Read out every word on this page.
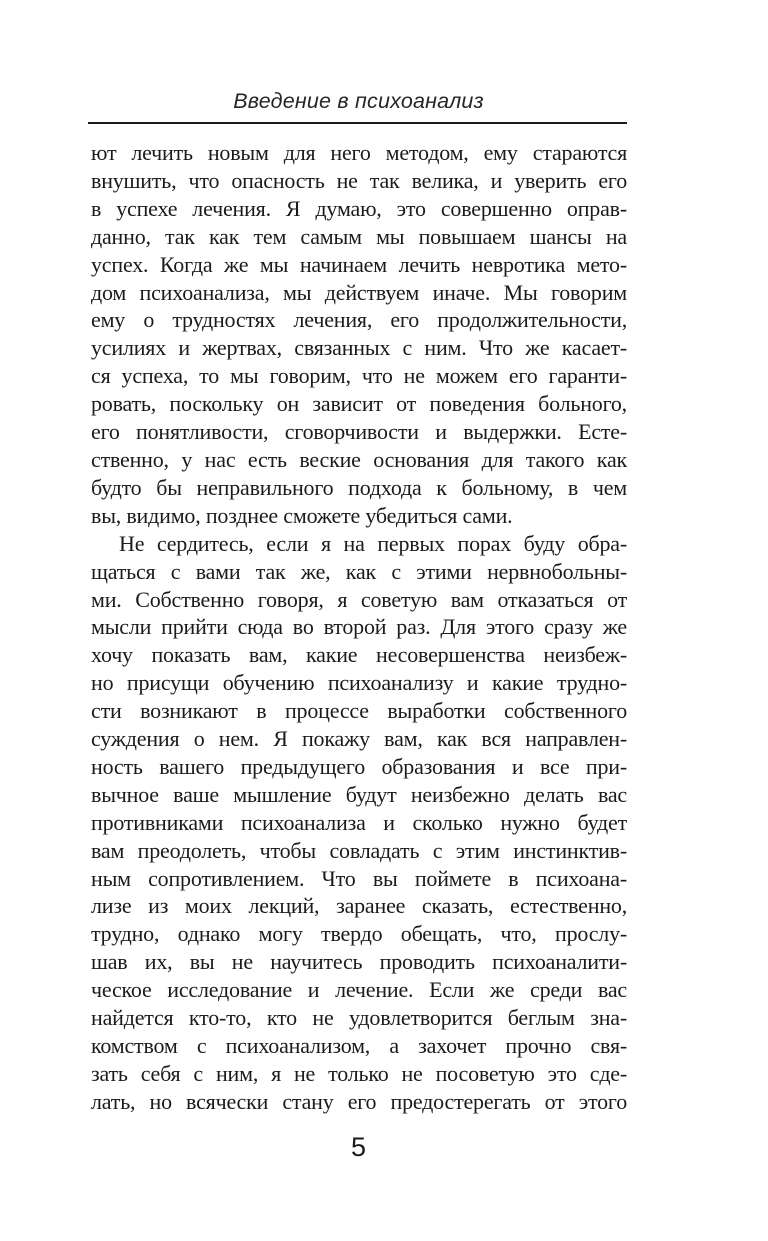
Введение в психоанализ
ют лечить новым для него методом, ему стараются
внушить, что опасность не так велика, и уверить его
в успехе лечения. Я думаю, это совершенно оправ-
данно, так как тем самым мы повышаем шансы на
успех. Когда же мы начинаем лечить невротика мето-
дом психоанализа, мы действуем иначе. Мы говорим
ему о трудностях лечения, его продолжительности,
усилиях и жертвах, связанных с ним. Что же касает-
ся успеха, то мы говорим, что не можем его гаранти-
ровать, поскольку он зависит от поведения больного,
его понятливости, сговорчивости и выдержки. Есте-
ственно, у нас есть веские основания для такого как
будто бы неправильного подхода к больному, в чем
вы, видимо, позднее сможете убедиться сами.
Не сердитесь, если я на первых порах буду обра-
щаться с вами так же, как с этими нервнобольны-
ми. Собственно говоря, я советую вам отказаться от
мысли прийти сюда во второй раз. Для этого сразу же
хочу показать вам, какие несовершенства неизбеж-
но присущи обучению психоанализу и какие трудно-
сти возникают в процессе выработки собственного
суждения о нем. Я покажу вам, как вся направлен-
ность вашего предыдущего образования и все при-
вычное ваше мышление будут неизбежно делать вас
противниками психоанализа и сколько нужно будет
вам преодолеть, чтобы совладать с этим инстинктив-
ным сопротивлением. Что вы поймете в психоана-
лизе из моих лекций, заранее сказать, естественно,
трудно, однако могу твердо обещать, что, прослу-
шав их, вы не научитесь проводить психоаналити-
ческое исследование и лечение. Если же среди вас
найдется кто-то, кто не удовлетворится беглым зна-
комством с психоанализом, а захочет прочно свя-
зать себя с ним, я не только не посоветую это сде-
лать, но всячески стану его предостерегать от этого
5
